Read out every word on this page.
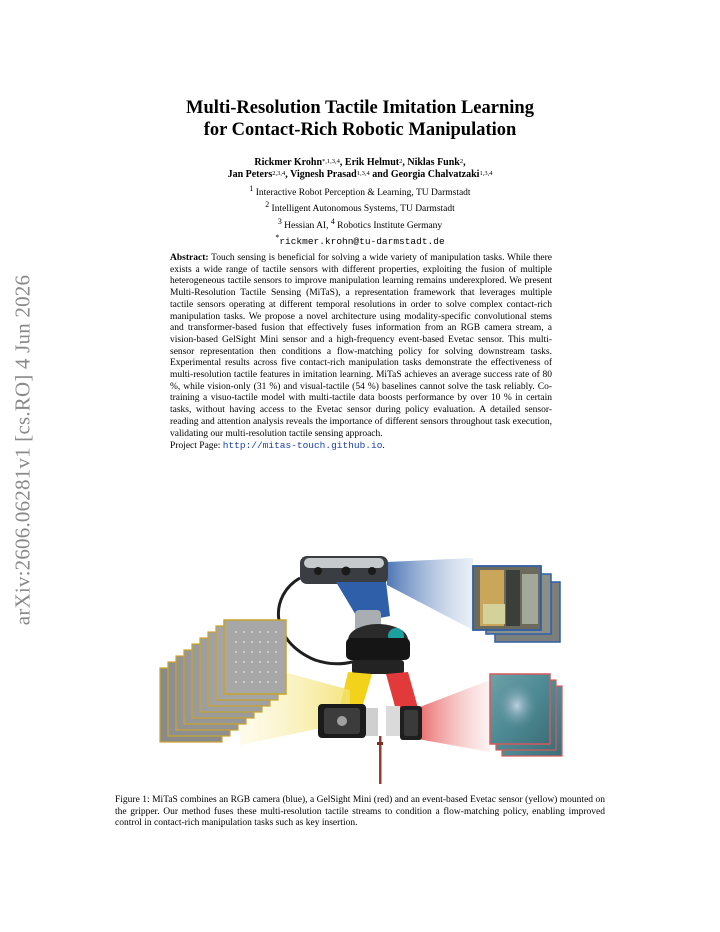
arXiv:2606.06281v1 [cs.RO] 4 Jun 2026
Multi-Resolution Tactile Imitation Learning
for Contact-Rich Robotic Manipulation
Rickmer Krohn$^{*,1,3,4}$, Erik Helmut$^2$, Niklas Funk$^2$,
Jan Peters$^{2,3,4}$, Vignesh Prasad$^{1,3,4}$ and Georgia Chalvatzaki$^{1,3,4}$
$^1$ Interactive Robot Perception & Learning, TU Darmstadt
$^2$ Intelligent Autonomous Systems, TU Darmstadt
$^3$ Hessian AI, $^4$ Robotics Institute Germany
*rickmer.krohn@tu-darmstadt.de
Abstract: Touch sensing is beneficial for solving a wide variety of manipulation tasks. While there exists a wide range of tactile sensors with different properties, exploiting the fusion of multiple heterogeneous tactile sensors to improve manipulation learning remains underexplored. We present Multi-Resolution Tactile Sensing (MiTaS), a representation framework that leverages multiple tactile sensors operating at different temporal resolutions in order to solve complex contact-rich manipulation tasks. We propose a novel architecture using modality-specific convolutional stems and transformer-based fusion that effectively fuses information from an RGB camera stream, a vision-based GelSight Mini sensor and a high-frequency event-based Evetac sensor. This multi-sensor representation then conditions a flow-matching policy for solving downstream tasks. Experimental results across five contact-rich manipulation tasks demonstrate the effectiveness of multi-resolution tactile features in imitation learning. MiTaS achieves an average success rate of 80 %, while vision-only (31 %) and visual-tactile (54 %) baselines cannot solve the task reliably. Co-training a visuo-tactile model with multi-tactile data boosts performance by over 10 % in certain tasks, without having access to the Evetac sensor during policy evaluation. A detailed sensor-reading and attention analysis reveals the importance of different sensors throughout task execution, validating our multi-resolution tactile sensing approach.
Project Page: http://mitas-touch.github.io.
Figure 1: MiTaS combines an RGB camera (blue), a GelSight Mini (red) and an event-based Evetac sensor (yellow) mounted on the gripper. Our method fuses these multi-resolution tactile streams to condition a flow-matching policy, enabling improved control in contact-rich manipulation tasks such as key insertion.
